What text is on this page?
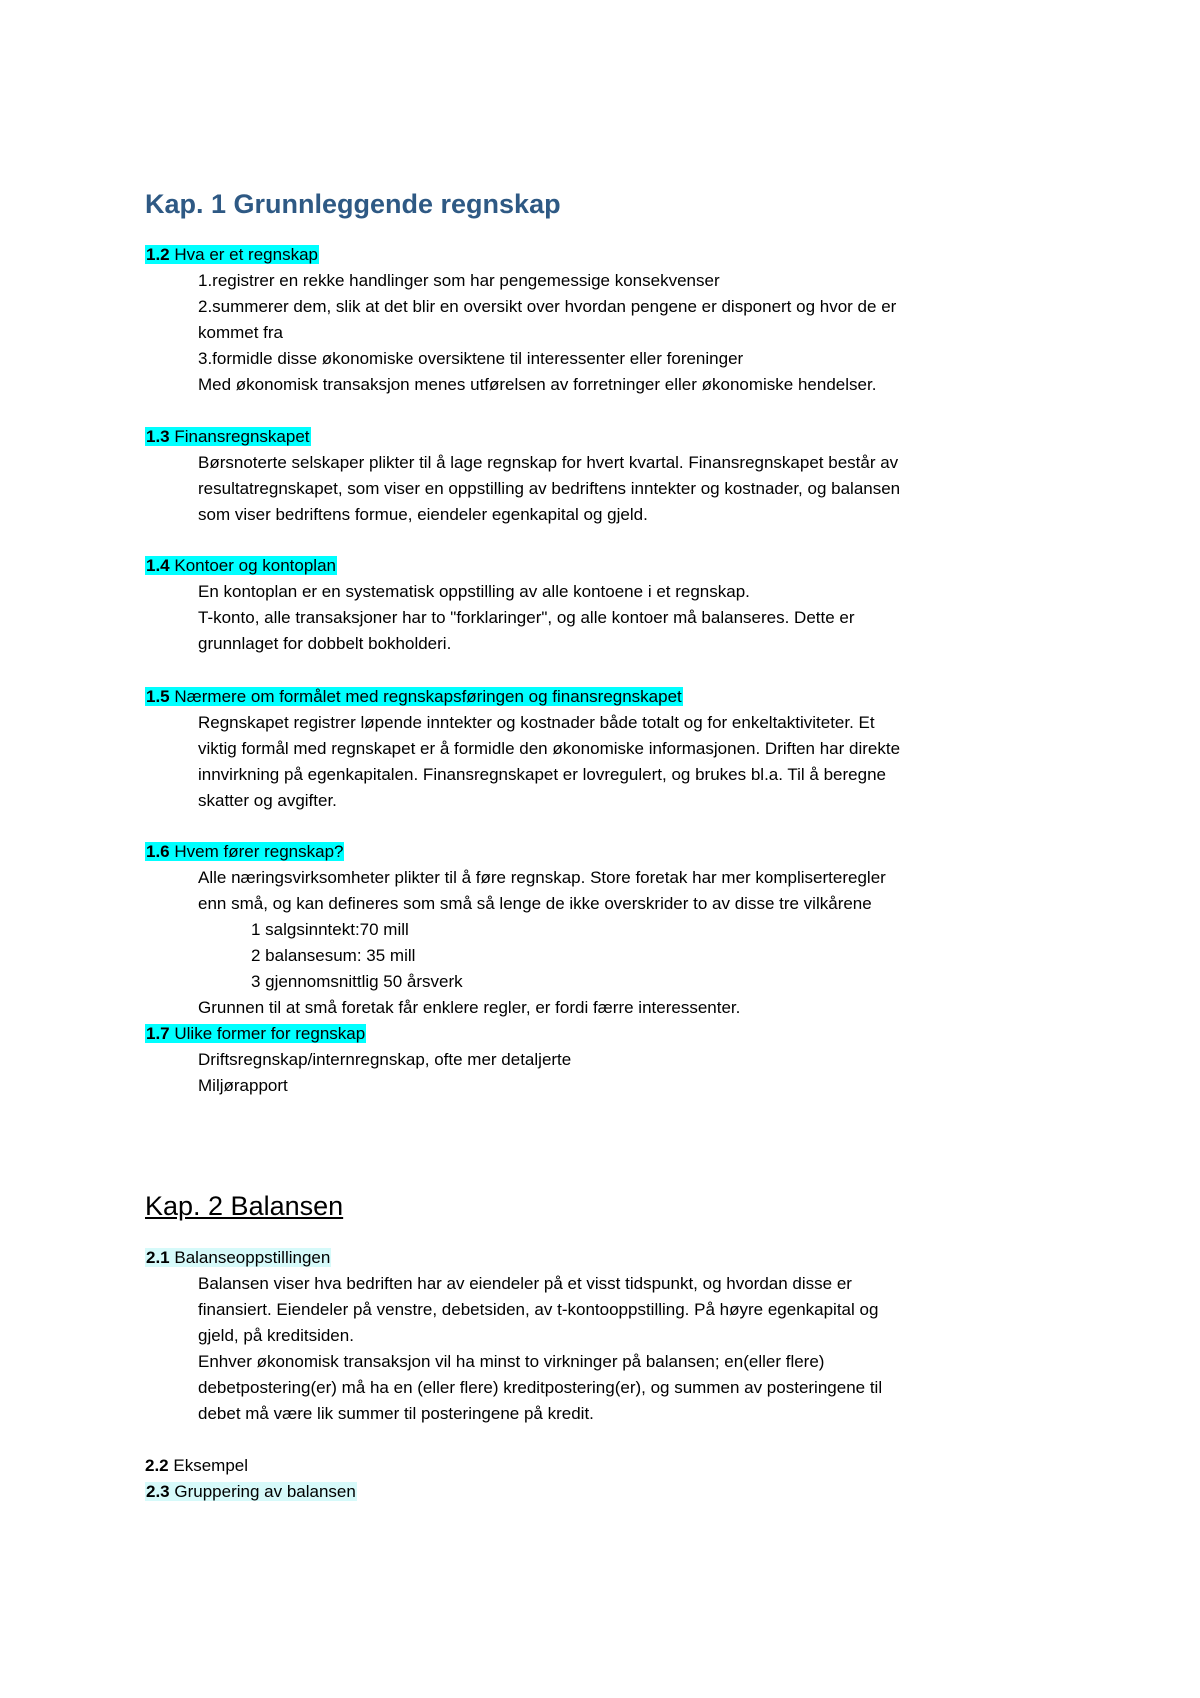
Kap. 1 Grunnleggende regnskap
1.2 Hva er et regnskap
1.registrer en rekke handlinger som har pengemessige konsekvenser
2.summerer dem, slik at det blir en oversikt over hvordan pengene er disponert og hvor de er
kommet fra
3.formidle disse økonomiske oversiktene til interessenter eller foreninger
Med økonomisk transaksjon menes utførelsen av forretninger eller økonomiske hendelser.
1.3 Finansregnskapet
Børsnoterte selskaper plikter til å lage regnskap for hvert kvartal. Finansregnskapet består av
resultatregnskapet, som viser en oppstilling av bedriftens inntekter og kostnader, og balansen
som viser bedriftens formue, eiendeler egenkapital og gjeld.
1.4 Kontoer og kontoplan
En kontoplan er en systematisk oppstilling av alle kontoene i et regnskap.
T-konto, alle transaksjoner har to "forklaringer", og alle kontoer må balanseres. Dette er
grunnlaget for dobbelt bokholderi.
1.5 Nærmere om formålet med regnskapsføringen og finansregnskapet
Regnskapet registrer løpende inntekter og kostnader både totalt og for enkeltaktiviteter. Et
viktig formål med regnskapet er å formidle den økonomiske informasjonen. Driften har direkte
innvirkning på egenkapitalen. Finansregnskapet er lovregulert, og brukes bl.a. Til å beregne
skatter og avgifter.
1.6 Hvem fører regnskap?
Alle næringsvirksomheter plikter til å føre regnskap. Store foretak har mer kompliserteregler
enn små, og kan defineres som små så lenge de ikke overskrider to av disse tre vilkårene
1 salgsinntekt:70 mill
2 balansesum: 35 mill
3 gjennomsnittlig 50 årsverk
Grunnen til at små foretak får enklere regler, er fordi færre interessenter.
1.7 Ulike former for regnskap
Driftsregnskap/internregnskap, ofte mer detaljerte
Miljørapport
Kap. 2 Balansen
2.1 Balanseoppstillingen
Balansen viser hva bedriften har av eiendeler på et visst tidspunkt, og hvordan disse er
finansiert. Eiendeler på venstre, debetsiden, av t-kontooppstilling. På høyre egenkapital og
gjeld, på kreditsiden.
Enhver økonomisk transaksjon vil ha minst to virkninger på balansen; en(eller flere)
debetpostering(er) må ha en (eller flere) kreditpostering(er), og summen av posteringene til
debet må være lik summer til posteringene på kredit.
2.2 Eksempel
2.3 Gruppering av balansen
